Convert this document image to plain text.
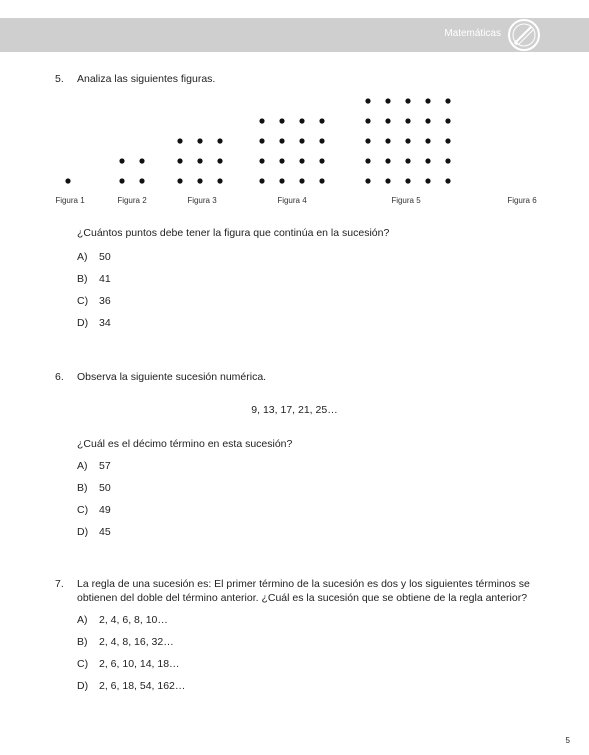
Matemáticas
5. Analiza las siguientes figuras.
Figura 1	Figura 2	Figura 3	Figura 4	Figura 5	Figura 6
¿Cuántos puntos debe tener la figura que continúa en la sucesión?
A) 50
B) 41
C) 36
D) 34
6. Observa la siguiente sucesión numérica.
9, 13, 17, 21, 25…
¿Cuál es el décimo término en esta sucesión?
A) 57
B) 50
C) 49
D) 45
7. La regla de una sucesión es: El primer término de la sucesión es dos y los siguientes términos se obtienen del doble del término anterior. ¿Cuál es la sucesión que se obtiene de la regla anterior?
A) 2, 4, 6, 8, 10…
B) 2, 4, 8, 16, 32…
C) 2, 6, 10, 14, 18…
D) 2, 6, 18, 54, 162…
5
